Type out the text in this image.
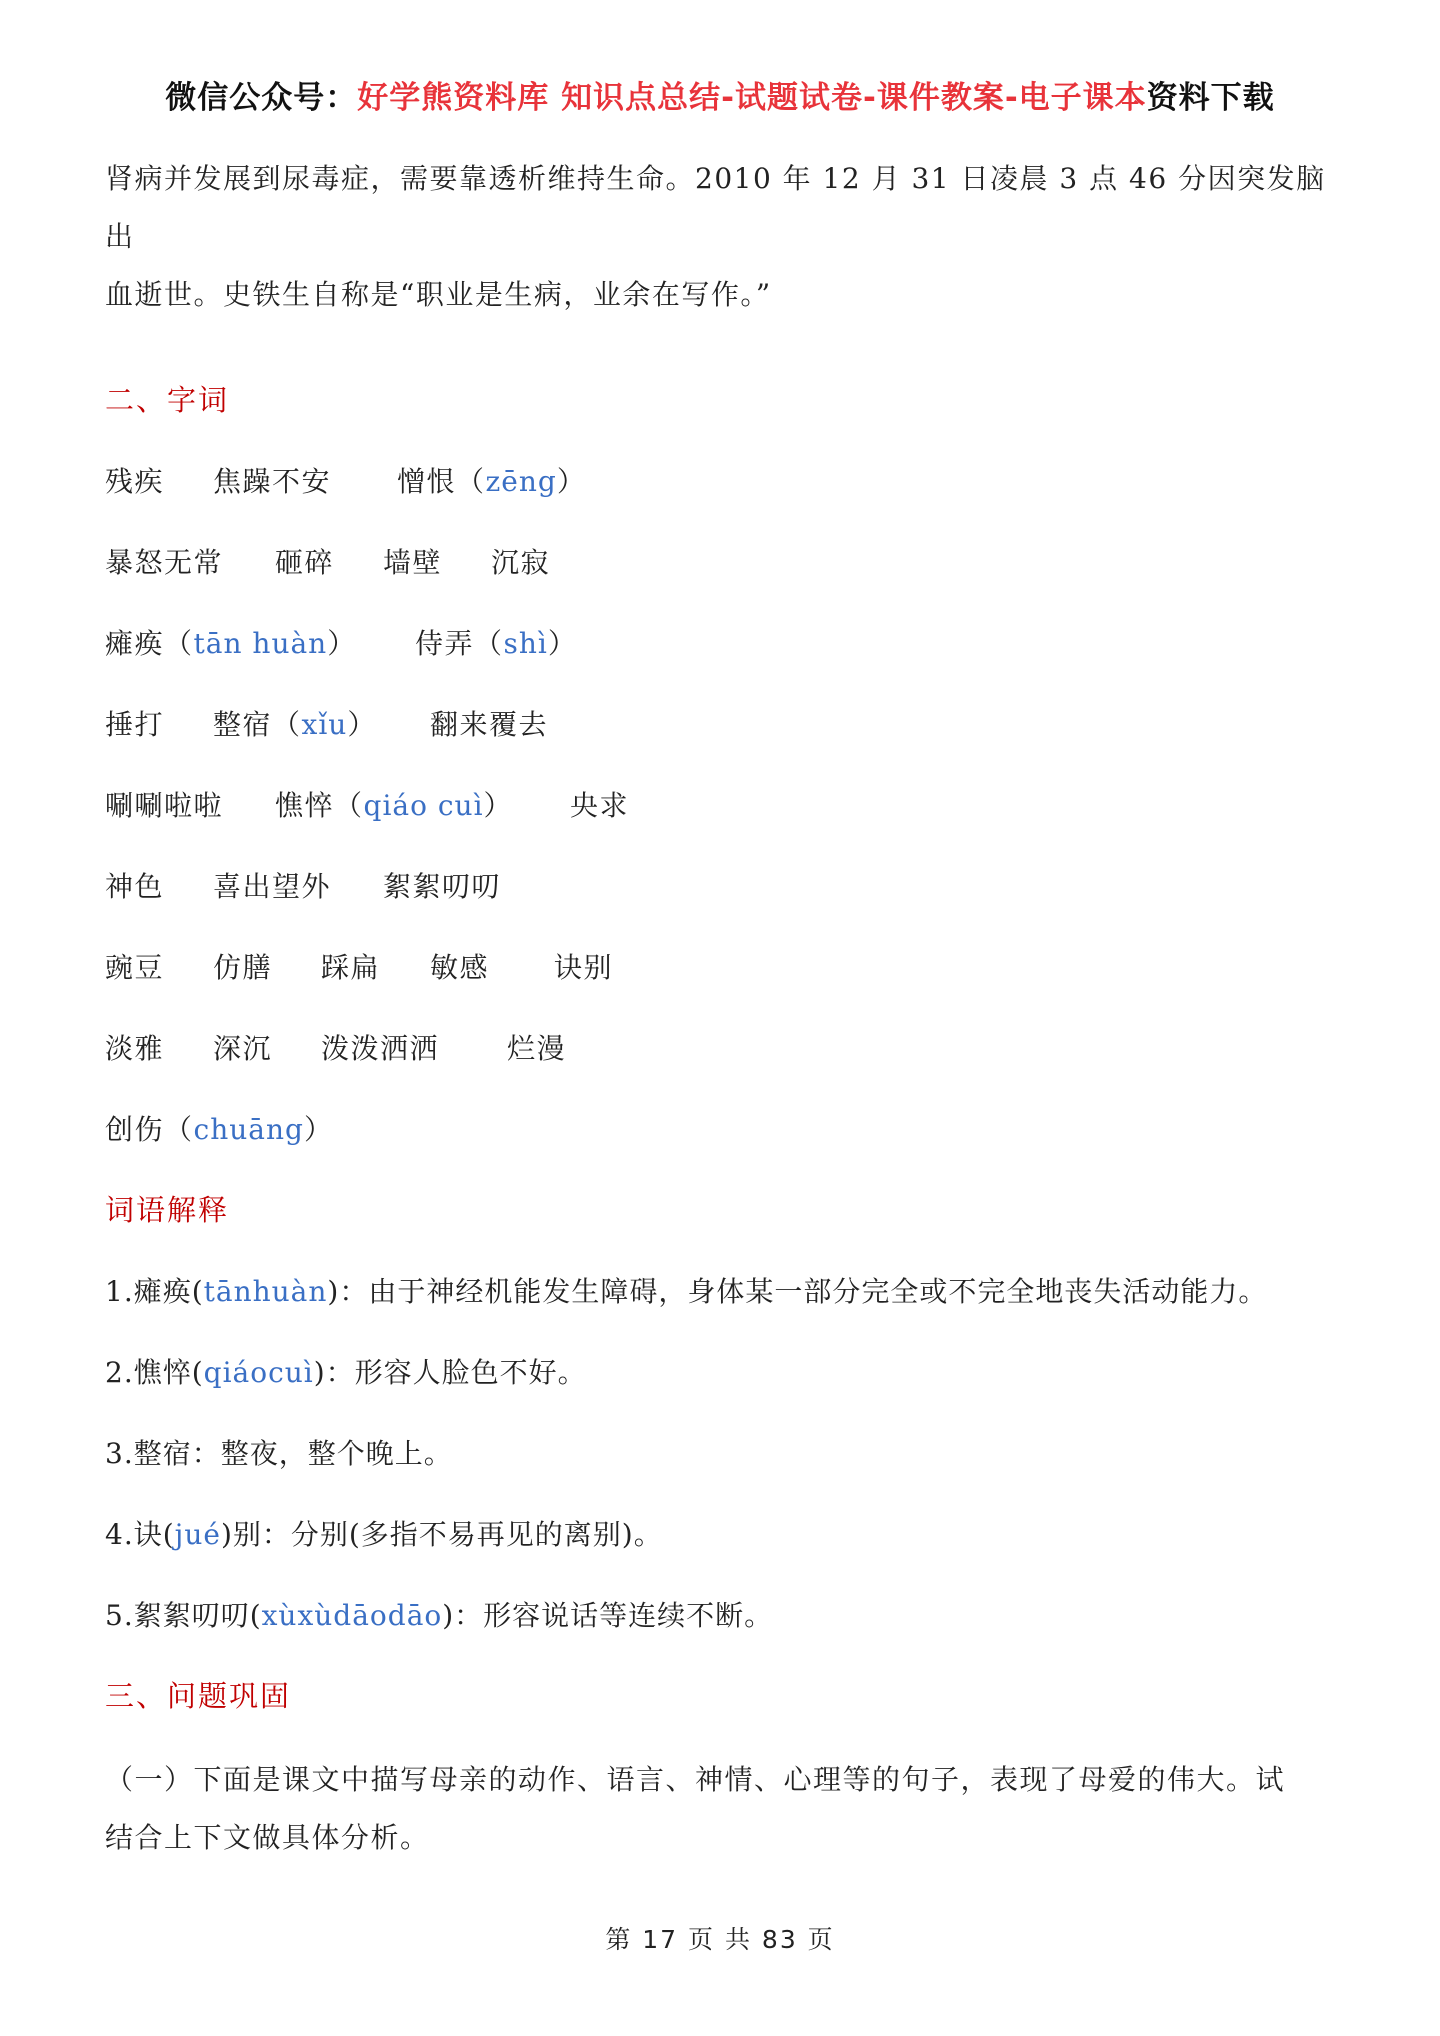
微信公众号：好学熊资料库 知识点总结-试题试卷-课件教案-电子课本资料下载
肾病并发展到尿毒症，需要靠透析维持生命。2010 年 12 月 31 日凌晨 3 点 46 分因突发脑出
血逝世。史铁生自称是“职业是生病，业余在写作。”
二、字词
残疾 焦躁不安 憎恨（zēng）
暴怒无常 砸碎 墙壁 沉寂
瘫痪（tān huàn） 侍弄（shì）
捶打 整宿（xǐu） 翻来覆去
唰唰啦啦 憔悴（qiáo cuì） 央求
神色 喜出望外 絮絮叨叨
豌豆 仿膳 踩扁 敏感 诀别
淡雅 深沉 泼泼洒洒 烂漫
创伤（chuāng）
词语解释
1.瘫痪(tānhuàn)：由于神经机能发生障碍，身体某一部分完全或不完全地丧失活动能力。
2.憔悴(qiáocuì)：形容人脸色不好。
3.整宿：整夜，整个晚上。
4.诀(jué)别：分别(多指不易再见的离别)。
5.絮絮叨叨(xùxùdāodāo)：形容说话等连续不断。
三、问题巩固
（一）下面是课文中描写母亲的动作、语言、神情、心理等的句子，表现了母爱的伟大。试
结合上下文做具体分析。
第 17 页 共 83 页
